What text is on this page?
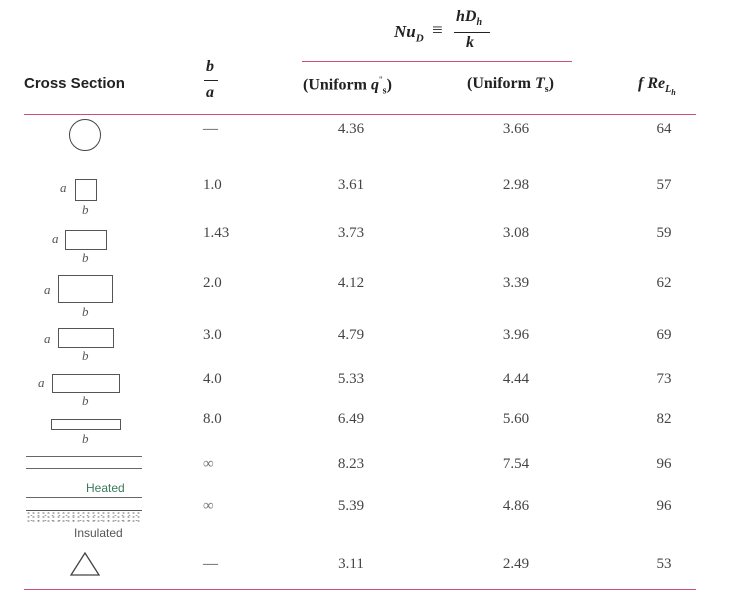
$Nu_D$ ≡
$hD_h$
k
Cross Section
b
a	(Uniform $q^"_s$)	(Uniform $T_s$)	f $Re_{L_h}$
—	4.36	3.66	64
a
b
1.0	3.61	2.98	57
a
b
1.43	3.73	3.08	59
a
b
2.0	4.12	3.39	62
a
b
3.0	4.79	3.96	69
a
b
4.0	5.33	4.44	73
b
8.0	6.49	5.60	82
∞	8.23	7.54	96
Heated
Insulated
∞	5.39	4.86	96
—	3.11	2.49	53
